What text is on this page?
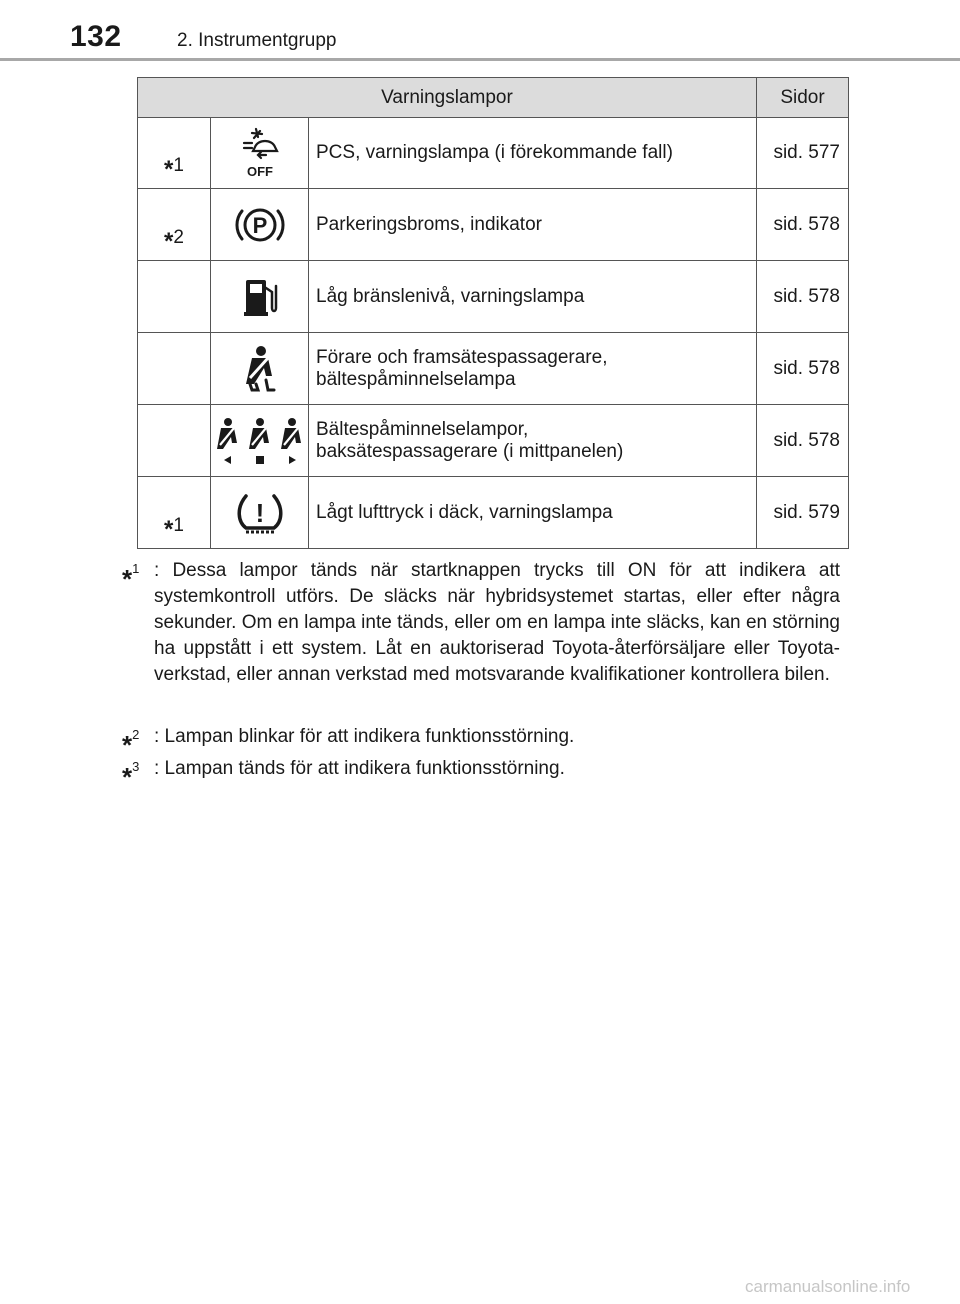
132	2. Instrumentgrupp
Varningslampor			Sidor
*1	OFF	PCS, varningslampa (i förekommande fall)	sid. 577
*2	P	Parkeringsbroms, indikator	sid. 578

	Låg bränslenivå, varningslampa	sid. 578

	Förare och framsätespassagerare,
bältespåminnelselampa	sid. 578

	Bältespåminnelselampor,
baksätespassagerare (i mittpanelen)	sid. 578
*1	!	Lågt lufttryck i däck, varningslampa	sid. 579
*$^1$ : Dessa lampor tänds när startknappen trycks till ON för att indikera att systemkontroll utförs. De släcks när hybridsystemet startas, eller efter några sekunder. Om en lampa inte tänds, eller om en lampa inte släcks, kan en störning ha uppstått i ett system. Låt en auktoriserad Toyota-återförsäljare eller Toyota-verkstad, eller annan verkstad med motsvarande kvalifikationer kontrollera bilen.
*$^2$ : Lampan blinkar för att indikera funktionsstörning.
*$^3$ : Lampan tänds för att indikera funktionsstörning.
carmanualsonline.info
